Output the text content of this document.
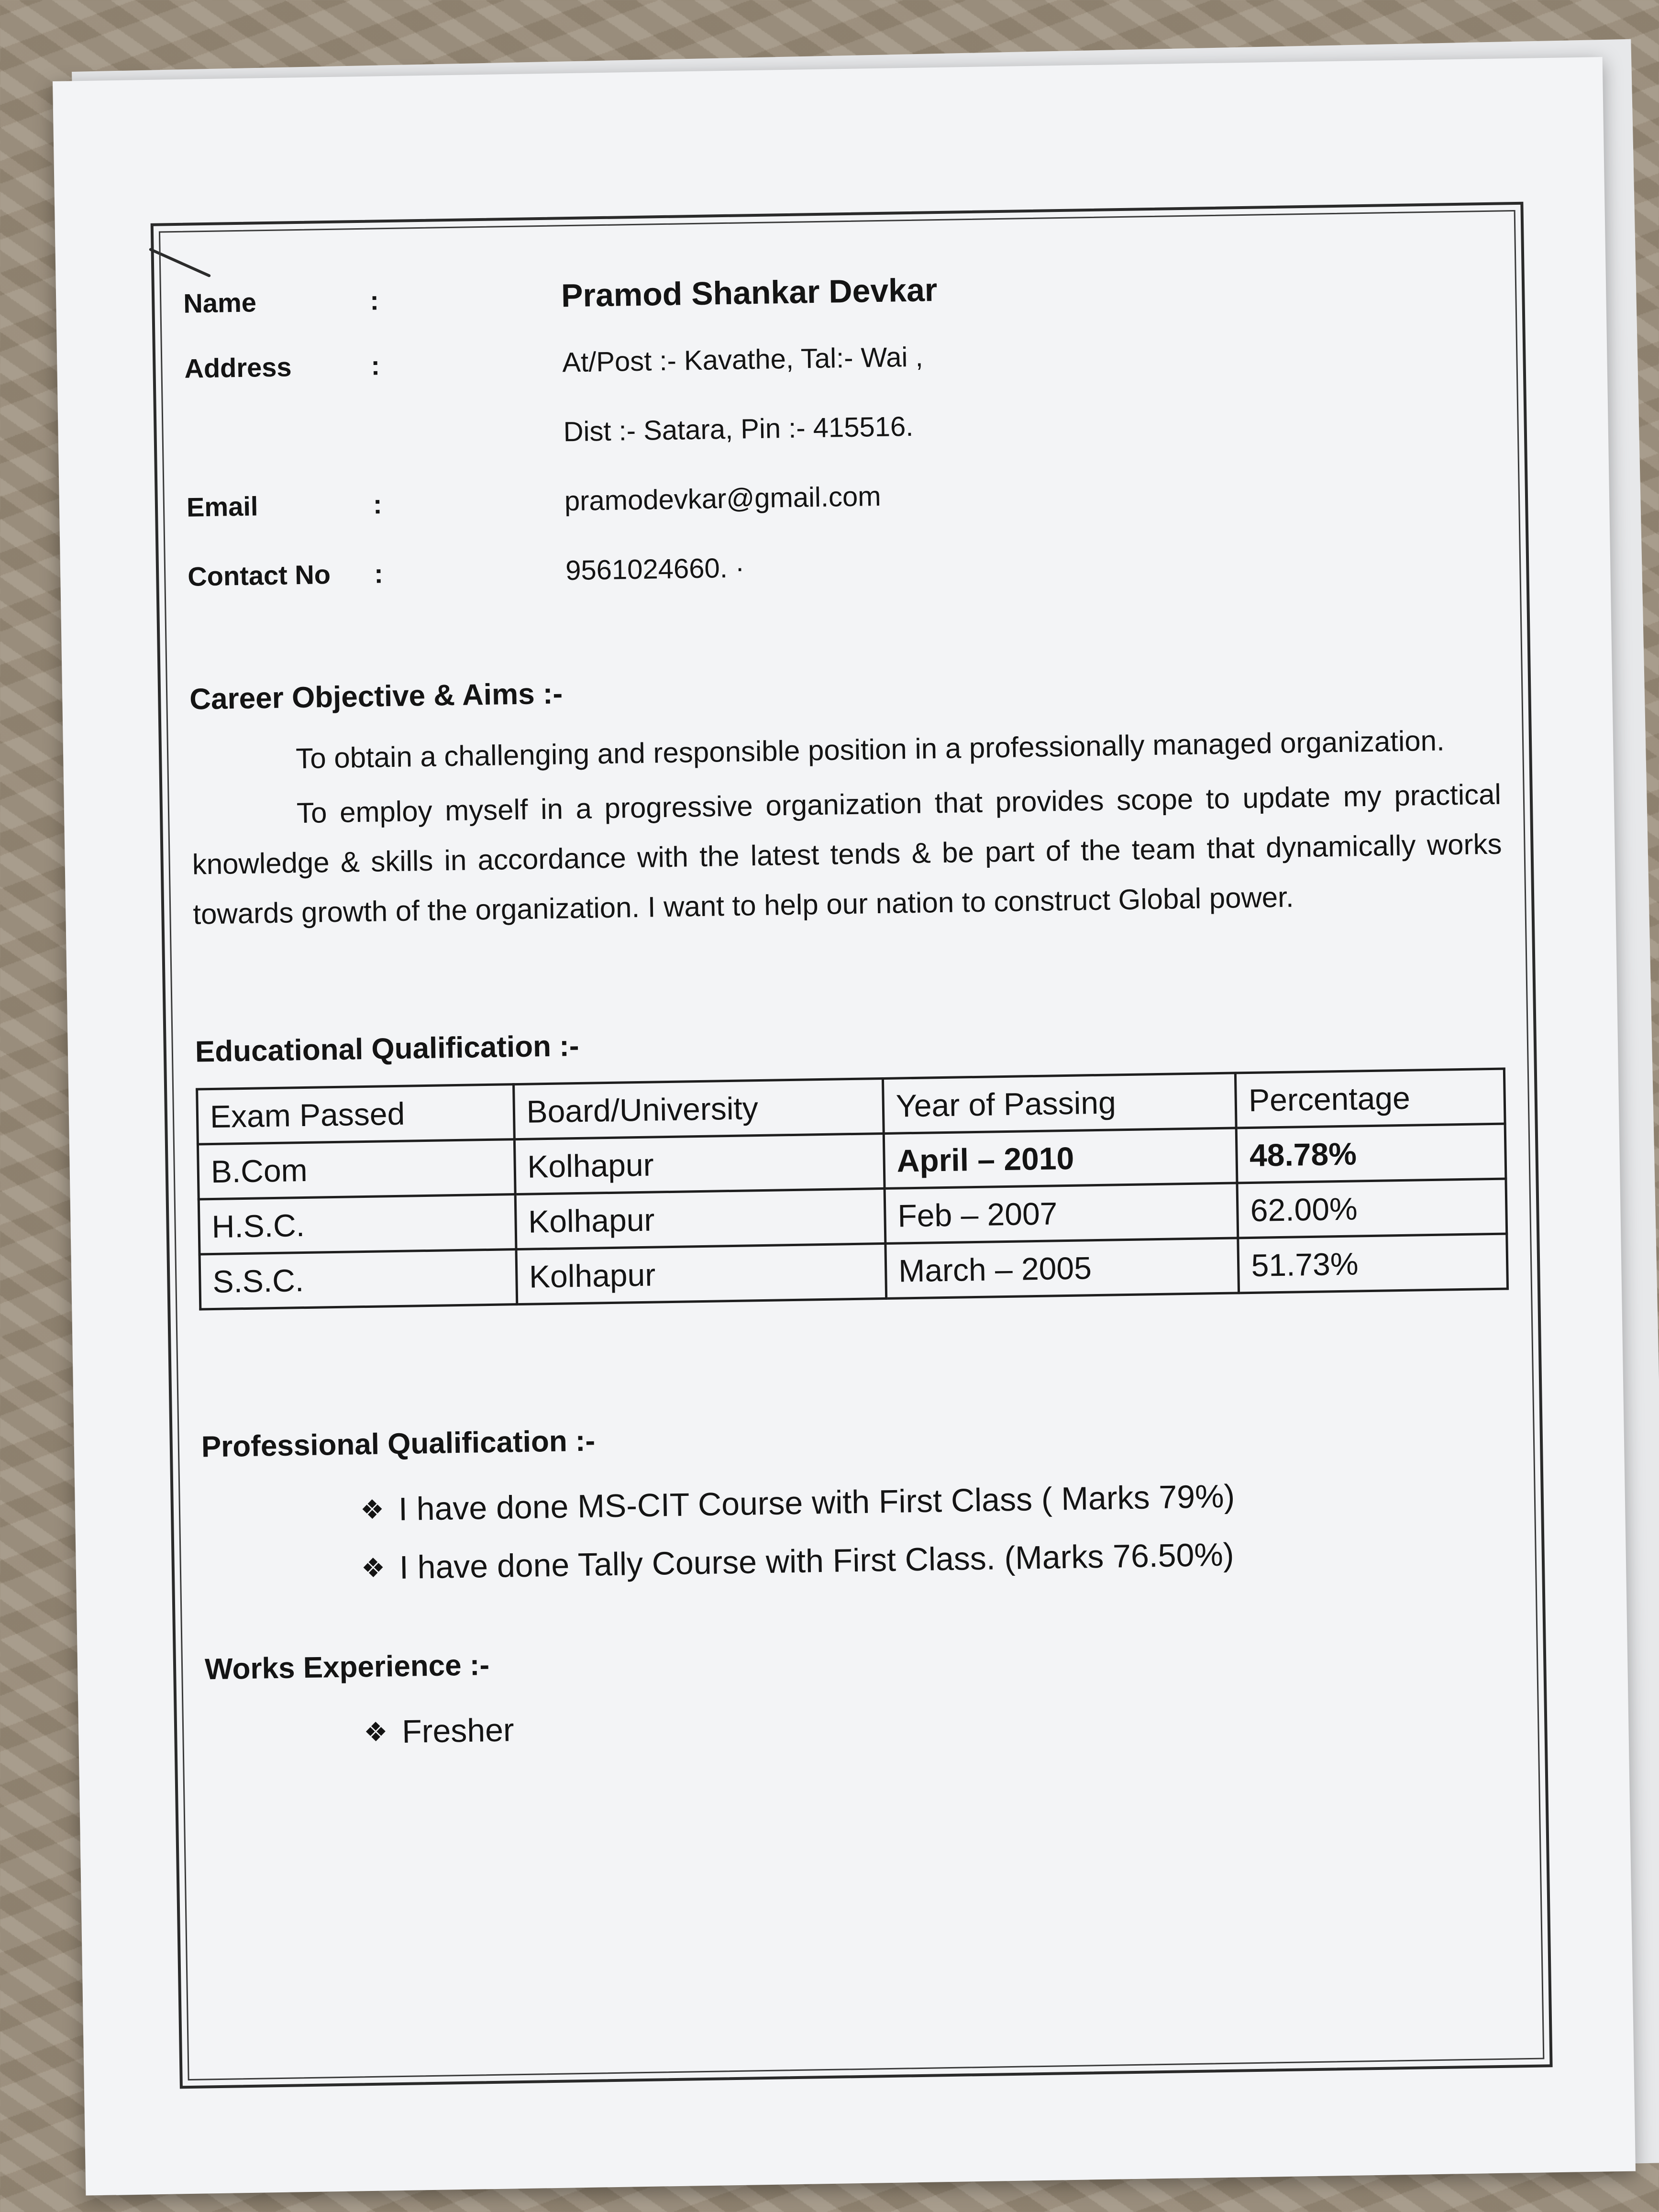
Name	:	Pramod Shankar Devkar
Address	:	At/Post :- Kavathe, Tal:- Wai ,
Dist :- Satara, Pin :- 415516.
Email	:	pramodevkar@gmail.com
Contact No	:	9561024660. ·
Career Objective & Aims :-

To obtain a challenging and responsible position in a professionally managed organization.

To employ myself in a progressive organization that provides scope to update my practical knowledge & skills in accordance with the latest tends & be part of the team that dynamically works towards growth of the organization. I want to help our nation to construct Global power.

Educational Qualification :-
Exam Passed	Board/University	Year of Passing	Percentage
B.Com	Kolhapur	April – 2010	48.78%
H.S.C.	Kolhapur	Feb – 2007	62.00%
S.S.C.	Kolhapur	March – 2005	51.73%
Professional Qualification :-
❖ I have done MS-CIT Course with First Class ( Marks 79%)
❖ I have done Tally Course with First Class. (Marks 76.50%)
Works Experience :-
❖ Fresher
